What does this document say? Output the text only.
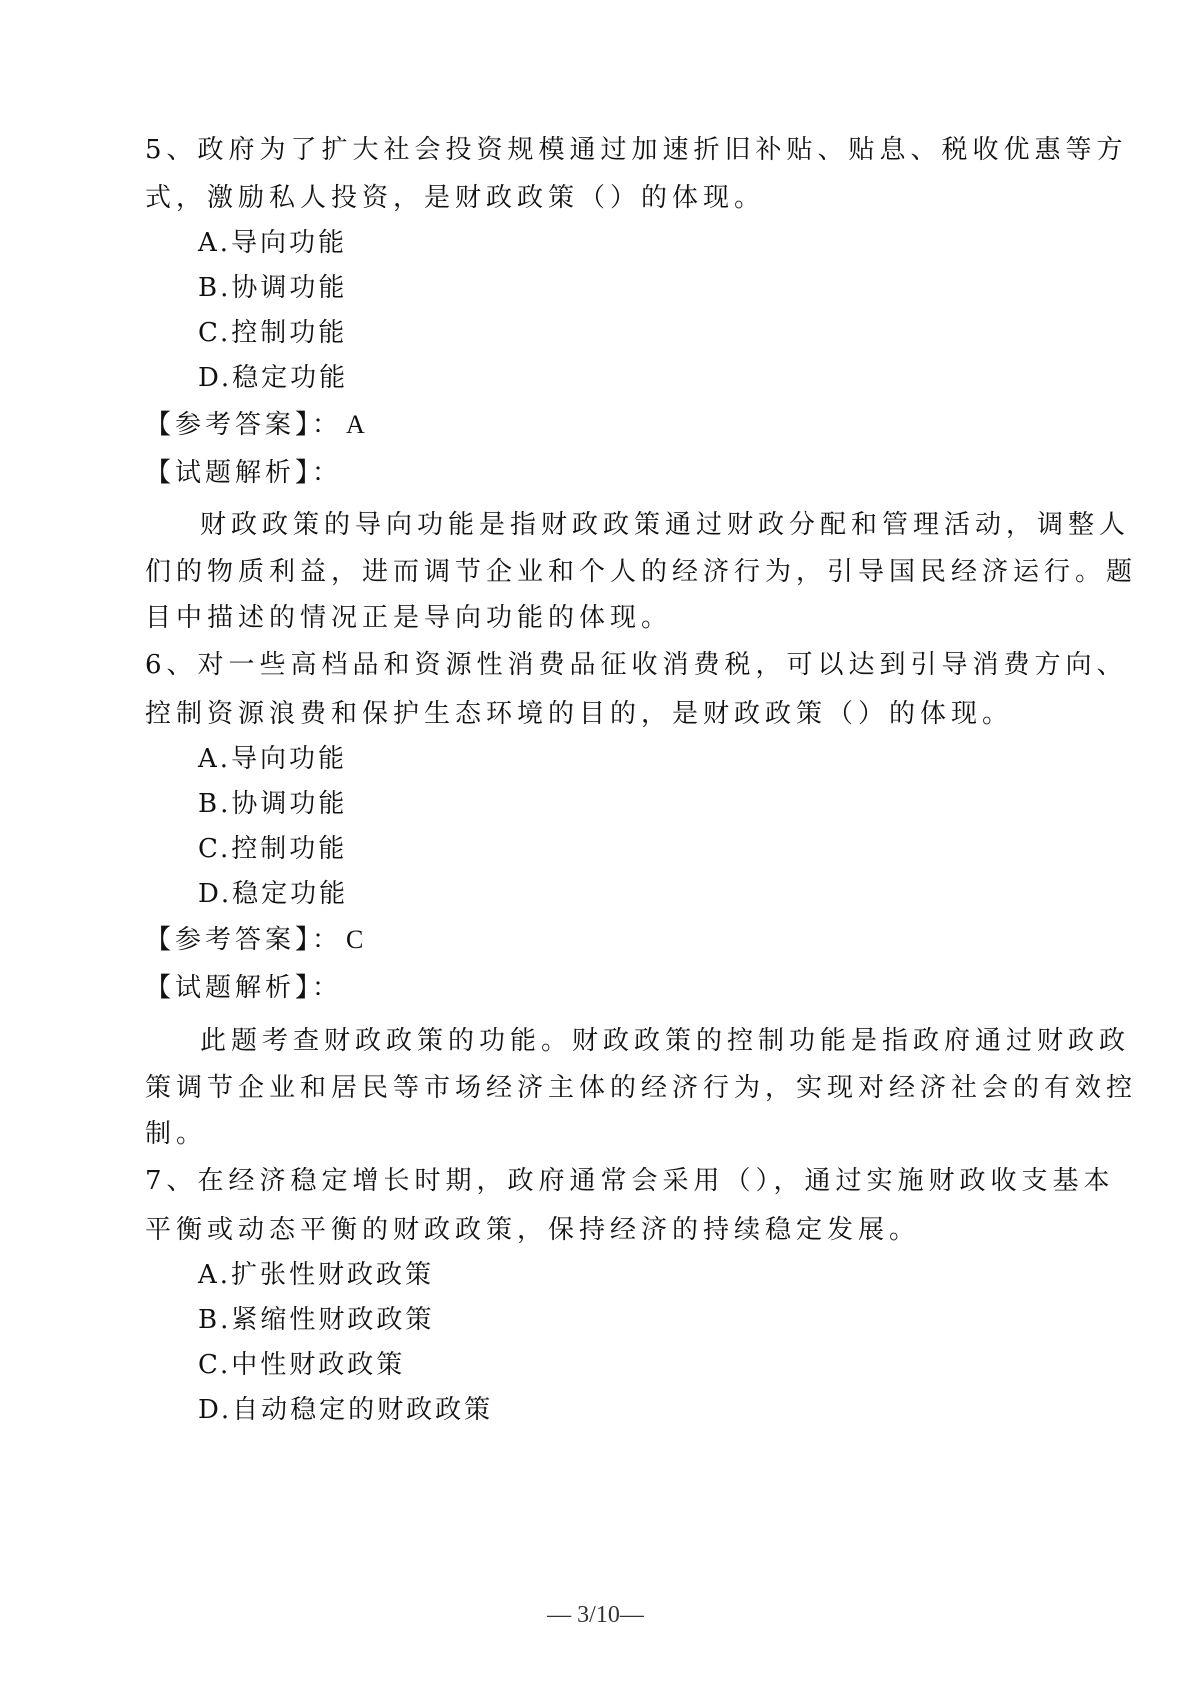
5、政府为了扩大社会投资规模通过加速折旧补贴、贴息、税收优惠等方
式，激励私人投资，是财政政策（）的体现。
A.导向功能
B.协调功能
C.控制功能
D.稳定功能
【参考答案】： A
【试题解析】：
财政政策的导向功能是指财政政策通过财政分配和管理活动，调整人
们的物质利益，进而调节企业和个人的经济行为，引导国民经济运行。题
目中描述的情况正是导向功能的体现。
6、对一些高档品和资源性消费品征收消费税，可以达到引导消费方向、
控制资源浪费和保护生态环境的目的，是财政政策（）的体现。
A.导向功能
B.协调功能
C.控制功能
D.稳定功能
【参考答案】： C
【试题解析】：
此题考查财政政策的功能。财政政策的控制功能是指政府通过财政政
策调节企业和居民等市场经济主体的经济行为，实现对经济社会的有效控
制。
7、在经济稳定增长时期，政府通常会采用（），通过实施财政收支基本
平衡或动态平衡的财政政策，保持经济的持续稳定发展。
A.扩张性财政政策
B.紧缩性财政政策
C.中性财政政策
D.自动稳定的财政政策
— 3/10—
